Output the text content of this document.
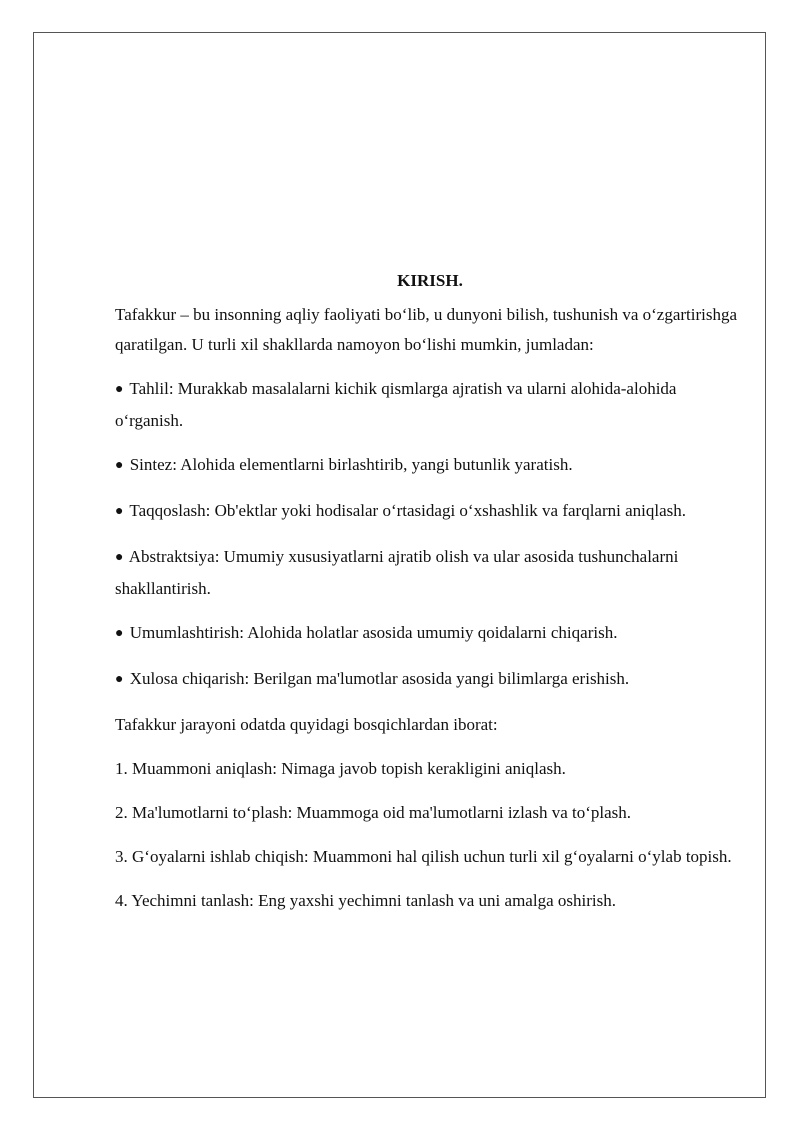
KIRISH.

Tafakkur – bu insonning aqliy faoliyati bo‘lib, u dunyoni bilish, tushunish va o‘zgartirishga qaratilgan. U turli xil shakllarda namoyon bo‘lishi mumkin, jumladan:

● Tahlil: Murakkab masalalarni kichik qismlarga ajratish va ularni alohida-alohida o‘rganish.

● Sintez: Alohida elementlarni birlashtirib, yangi butunlik yaratish.

● Taqqoslash: Ob'ektlar yoki hodisalar o‘rtasidagi o‘xshashlik va farqlarni aniqlash.

● Abstraktsiya: Umumiy xususiyatlarni ajratib olish va ular asosida tushunchalarni shakllantirish.

● Umumlashtirish: Alohida holatlar asosida umumiy qoidalarni chiqarish.

● Xulosa chiqarish: Berilgan ma'lumotlar asosida yangi bilimlarga erishish.

Tafakkur jarayoni odatda quyidagi bosqichlardan iborat:

1. Muammoni aniqlash: Nimaga javob topish kerakligini aniqlash.

2. Ma'lumotlarni to‘plash: Muammoga oid ma'lumotlarni izlash va to‘plash.

3. G‘oyalarni ishlab chiqish: Muammoni hal qilish uchun turli xil g‘oyalarni o‘ylab topish.

4. Yechimni tanlash: Eng yaxshi yechimni tanlash va uni amalga oshirish.
